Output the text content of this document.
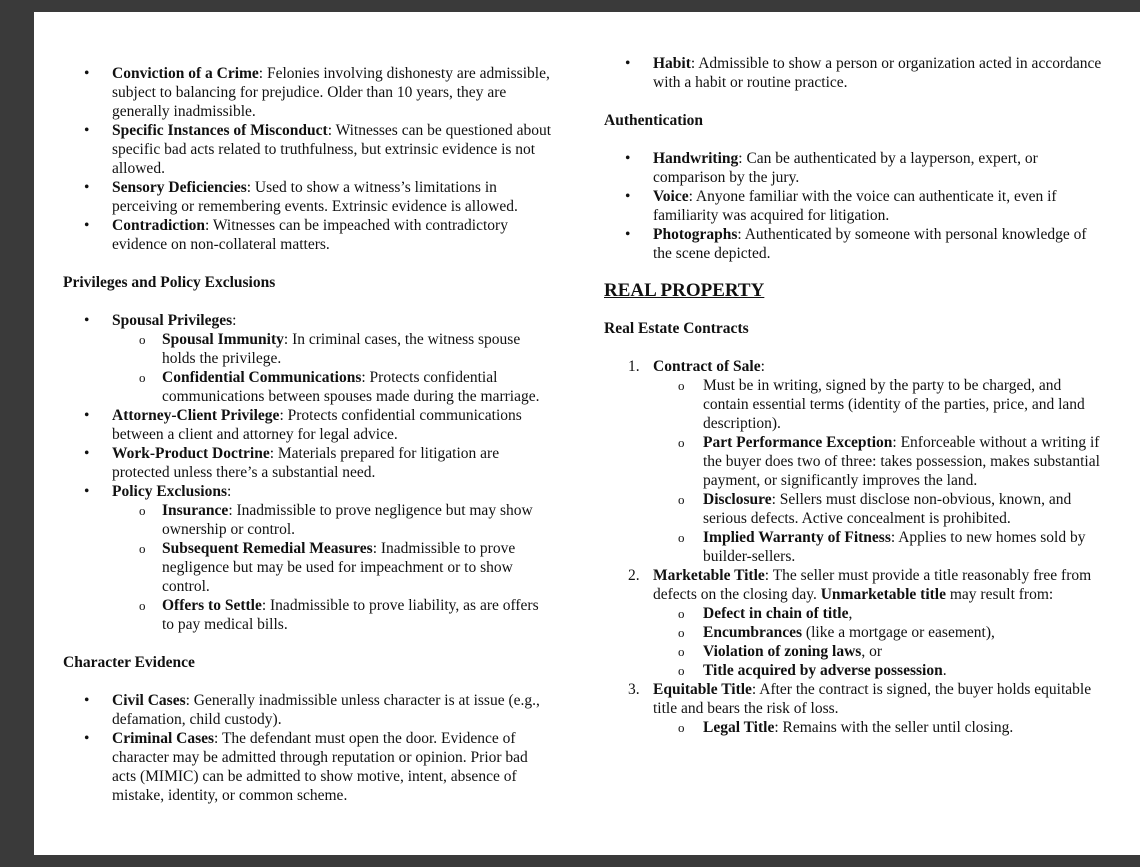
• Conviction of a Crime: Felonies involving dishonesty are admissible, subject to balancing for prejudice. Older than 10 years, they are generally inadmissible.
• Specific Instances of Misconduct: Witnesses can be questioned about specific bad acts related to truthfulness, but extrinsic evidence is not allowed.
• Sensory Deficiencies: Used to show a witness’s limitations in perceiving or remembering events. Extrinsic evidence is allowed.
• Contradiction: Witnesses can be impeached with contradictory evidence on non-collateral matters.

Privileges and Policy Exclusions

• Spousal Privileges:
o Spousal Immunity: In criminal cases, the witness spouse holds the privilege.
o Confidential Communications: Protects confidential communications between spouses made during the marriage.
• Attorney-Client Privilege: Protects confidential communications between a client and attorney for legal advice.
• Work-Product Doctrine: Materials prepared for litigation are protected unless there’s a substantial need.
• Policy Exclusions:
o Insurance: Inadmissible to prove negligence but may show ownership or control.
o Subsequent Remedial Measures: Inadmissible to prove negligence but may be used for impeachment or to show control.
o Offers to Settle: Inadmissible to prove liability, as are offers to pay medical bills.

Character Evidence

• Civil Cases: Generally inadmissible unless character is at issue (e.g., defamation, child custody).
• Criminal Cases: The defendant must open the door. Evidence of character may be admitted through reputation or opinion. Prior bad acts (MIMIC) can be admitted to show motive, intent, absence of mistake, identity, or common scheme.
• Habit: Admissible to show a person or organization acted in accordance with a habit or routine practice.

Authentication

• Handwriting: Can be authenticated by a layperson, expert, or comparison by the jury.
• Voice: Anyone familiar with the voice can authenticate it, even if familiarity was acquired for litigation.
• Photographs: Authenticated by someone with personal knowledge of the scene depicted.

REAL PROPERTY

Real Estate Contracts

1. Contract of Sale:
o Must be in writing, signed by the party to be charged, and contain essential terms (identity of the parties, price, and land description).
o Part Performance Exception: Enforceable without a writing if the buyer does two of three: takes possession, makes substantial payment, or significantly improves the land.
o Disclosure: Sellers must disclose non-obvious, known, and serious defects. Active concealment is prohibited.
o Implied Warranty of Fitness: Applies to new homes sold by builder-sellers.
2. Marketable Title: The seller must provide a title reasonably free from defects on the closing day. Unmarketable title may result from:
o Defect in chain of title,
o Encumbrances (like a mortgage or easement),
o Violation of zoning laws, or
o Title acquired by adverse possession.
3. Equitable Title: After the contract is signed, the buyer holds equitable title and bears the risk of loss.
o Legal Title: Remains with the seller until closing.
